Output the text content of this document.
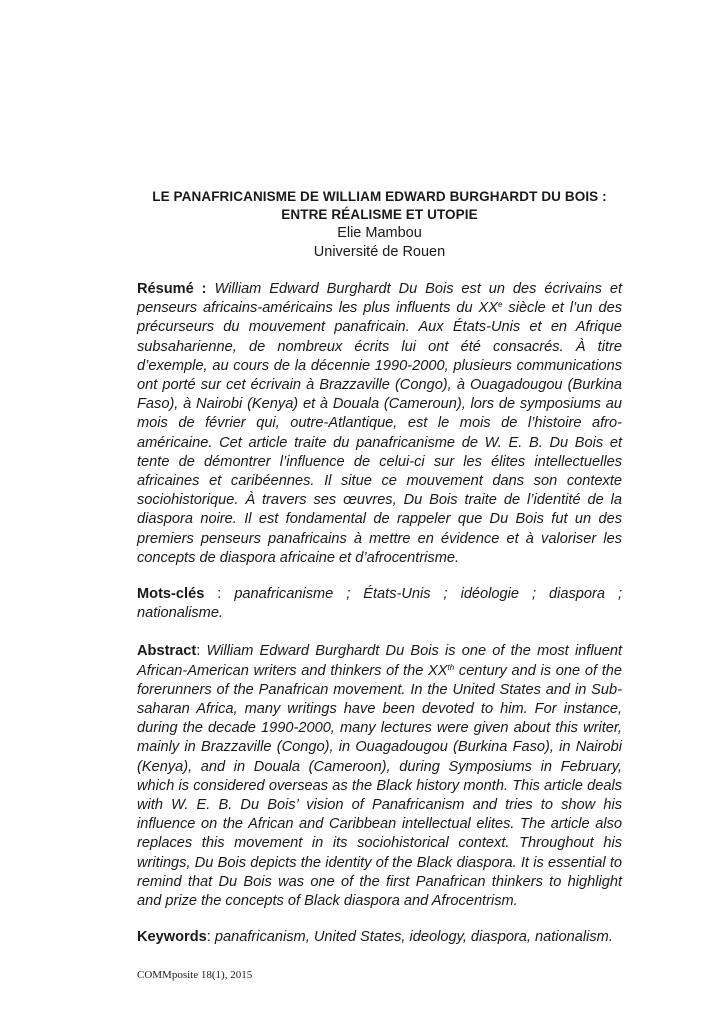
LE PANAFRICANISME DE WILLIAM EDWARD BURGHARDT DU BOIS :
ENTRE RÉALISME ET UTOPIE
Elie Mambou
Université de Rouen

Résumé : William Edward Burghardt Du Bois est un des écrivains et penseurs africains-américains les plus influents du XXe siècle et l’un des précurseurs du mouvement panafricain. Aux États-Unis et en Afrique subsaharienne, de nombreux écrits lui ont été consacrés. À titre d’exemple, au cours de la décennie 1990-2000, plusieurs communications ont porté sur cet écrivain à Brazzaville (Congo), à Ouagadougou (Burkina Faso), à Nairobi (Kenya) et à Douala (Cameroun), lors de symposiums au mois de février qui, outre-Atlantique, est le mois de l’histoire afro-américaine. Cet article traite du panafricanisme de W. E. B. Du Bois et tente de démontrer l’influence de celui-ci sur les élites intellectuelles africaines et caribéennes. Il situe ce mouvement dans son contexte sociohistorique. À travers ses œuvres, Du Bois traite de l’identité de la diaspora noire. Il est fondamental de rappeler que Du Bois fut un des premiers penseurs panafricains à mettre en évidence et à valoriser les concepts de diaspora africaine et d’afrocentrisme.

Mots-clés : panafricanisme ; États-Unis ; idéologie ; diaspora ; nationalisme.

Abstract: William Edward Burghardt Du Bois is one of the most influent African-American writers and thinkers of the XXth century and is one of the forerunners of the Panafrican movement. In the United States and in Sub-saharan Africa, many writings have been devoted to him. For instance, during the decade 1990-2000, many lectures were given about this writer, mainly in Brazzaville (Congo), in Ouagadougou (Burkina Faso), in Nairobi (Kenya), and in Douala (Cameroon), during Symposiums in February, which is considered overseas as the Black history month. This article deals with W. E. B. Du Bois’ vision of Panafricanism and tries to show his influence on the African and Caribbean intellectual elites. The article also replaces this movement in its sociohistorical context. Throughout his writings, Du Bois depicts the identity of the Black diaspora. It is essential to remind that Du Bois was one of the first Panafrican thinkers to highlight and prize the concepts of Black diaspora and Afrocentrism.

Keywords: panafricanism, United States, ideology, diaspora, nationalism.

COMMposite 18(1), 2015
